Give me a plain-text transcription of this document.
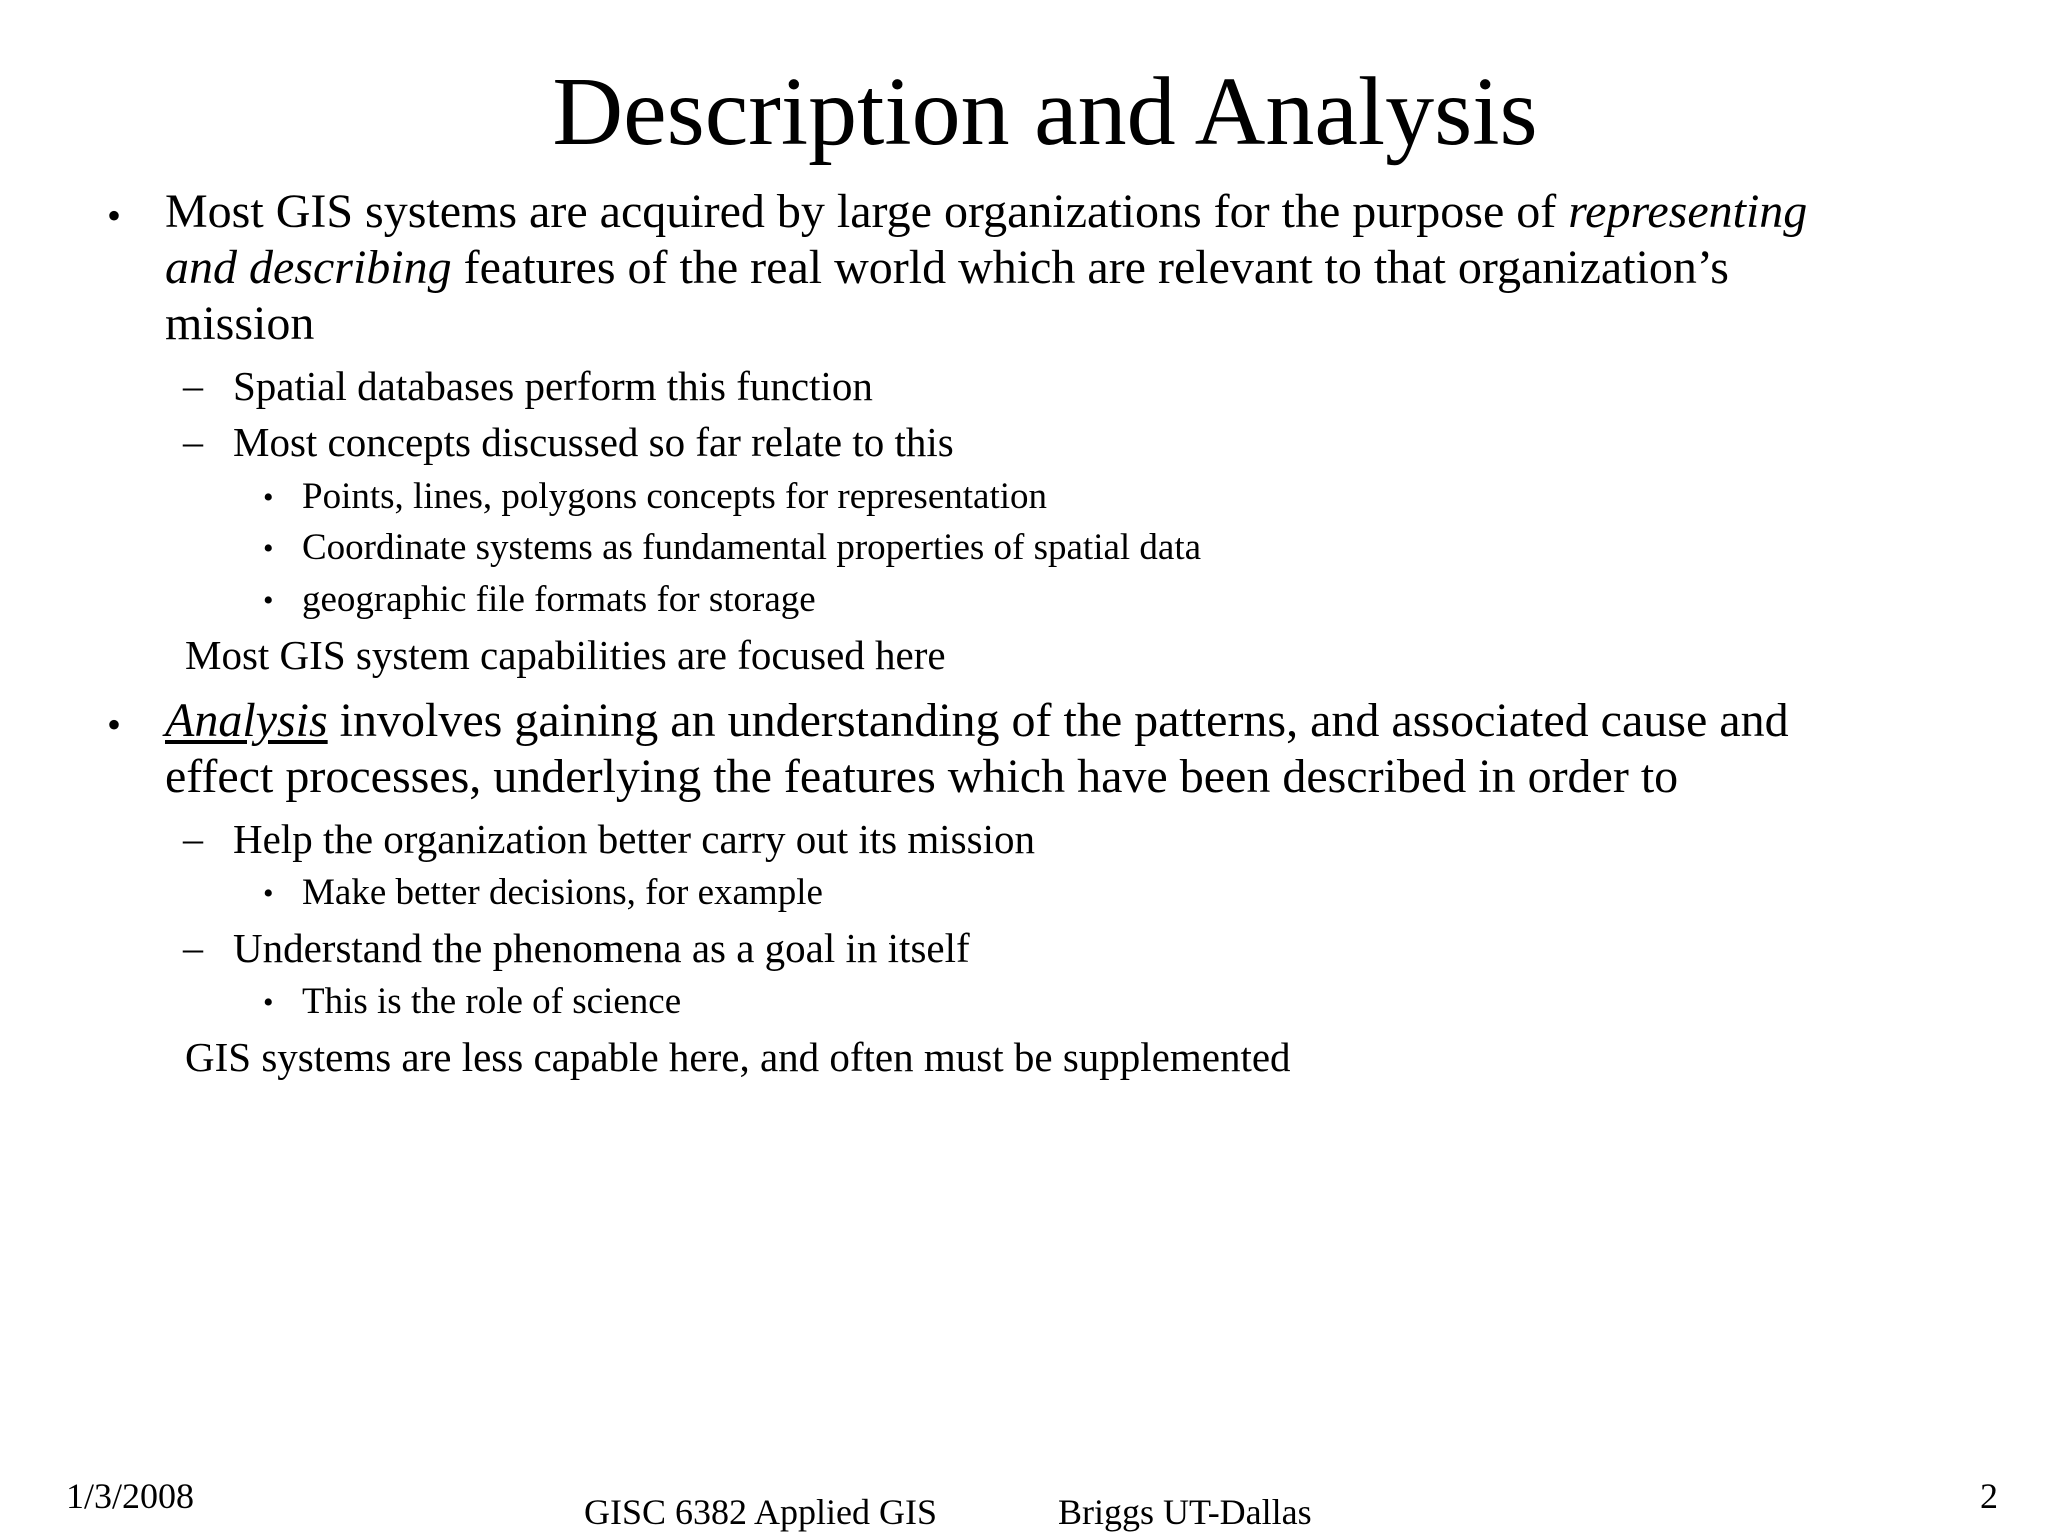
Description and Analysis
• Most GIS systems are acquired by large organizations for the purpose of representing

and describing features of the real world which are relevant to that organization’s

mission

– Spatial databases perform this function

– Most concepts discussed so far relate to this

• Points, lines, polygons concepts for representation

• Coordinate systems as fundamental properties of spatial data

• geographic file formats for storage

Most GIS system capabilities are focused here

• Analysis involves gaining an understanding of the patterns, and associated cause and

effect processes, underlying the features which have been described in order to

– Help the organization better carry out its mission

• Make better decisions, for example

– Understand the phenomena as a goal in itself

• This is the role of science

GIS systems are less capable here, and often must be supplemented

1/3/2008	GISC 6382 Applied GIS	Briggs UT-Dallas	2
